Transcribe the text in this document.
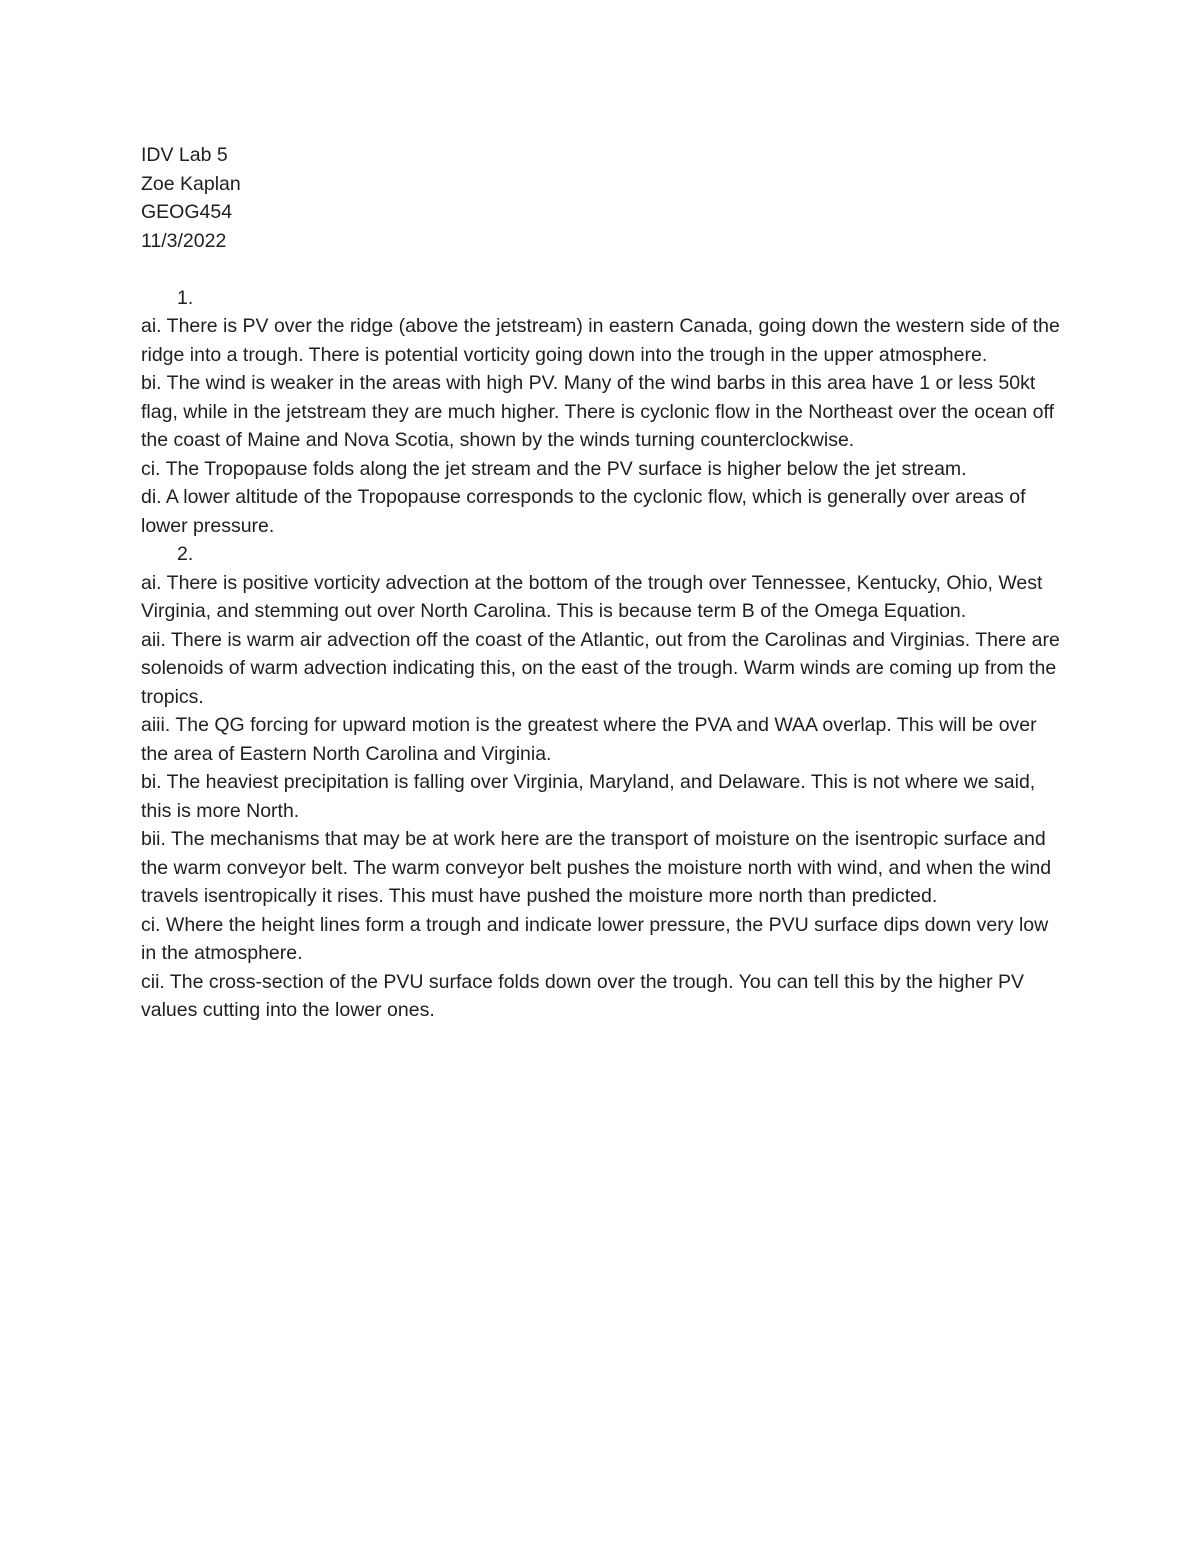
IDV Lab 5

Zoe Kaplan

GEOG454

11/3/2022

1.

ai. There is PV over the ridge (above the jetstream) in eastern Canada, going down the western side of the ridge into a trough. There is potential vorticity going down into the trough in the upper atmosphere.

bi. The wind is weaker in the areas with high PV. Many of the wind barbs in this area have 1 or less 50kt flag, while in the jetstream they are much higher. There is cyclonic flow in the Northeast over the ocean off the coast of Maine and Nova Scotia, shown by the winds turning counterclockwise.

ci. The Tropopause folds along the jet stream and the PV surface is higher below the jet stream.

di. A lower altitude of the Tropopause corresponds to the cyclonic flow, which is generally over areas of lower pressure.

2.

ai. There is positive vorticity advection at the bottom of the trough over Tennessee, Kentucky, Ohio, West Virginia, and stemming out over North Carolina. This is because term B of the Omega Equation.

aii. There is warm air advection off the coast of the Atlantic, out from the Carolinas and Virginias. There are solenoids of warm advection indicating this, on the east of the trough. Warm winds are coming up from the tropics.

aiii. The QG forcing for upward motion is the greatest where the PVA and WAA overlap. This will be over the area of Eastern North Carolina and Virginia.

bi. The heaviest precipitation is falling over Virginia, Maryland, and Delaware. This is not where we said, this is more North.

bii. The mechanisms that may be at work here are the transport of moisture on the isentropic surface and the warm conveyor belt. The warm conveyor belt pushes the moisture north with wind, and when the wind travels isentropically it rises. This must have pushed the moisture more north than predicted.

ci. Where the height lines form a trough and indicate lower pressure, the PVU surface dips down very low in the atmosphere.

cii. The cross-section of the PVU surface folds down over the trough. You can tell this by the higher PV values cutting into the lower ones.
